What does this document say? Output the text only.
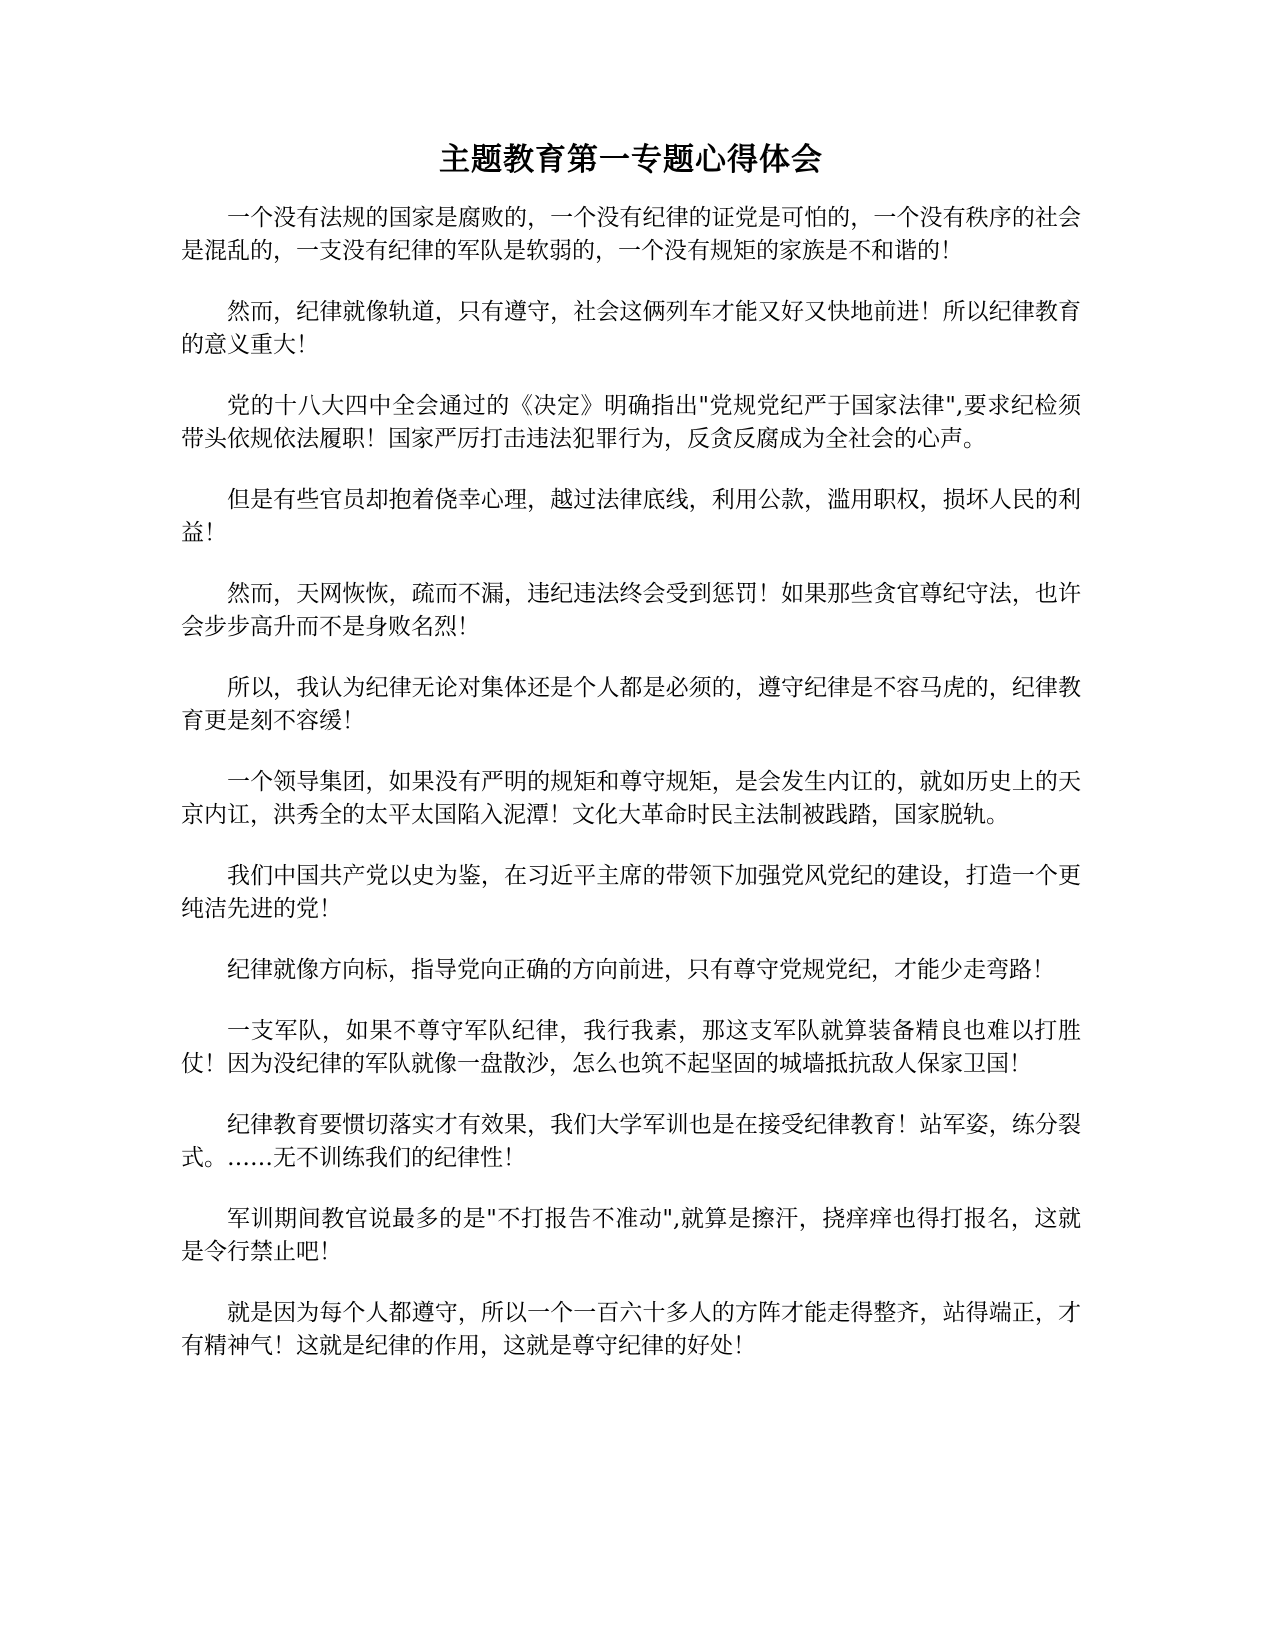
主题教育第一专题心得体会

一个没有法规的国家是腐败的，一个没有纪律的证党是可怕的，一个没有秩序的社会是混乱的，一支没有纪律的军队是软弱的，一个没有规矩的家族是不和谐的！

然而，纪律就像轨道，只有遵守，社会这俩列车才能又好又快地前进！所以纪律教育的意义重大！

党的十八大四中全会通过的《决定》明确指出"党规党纪严于国家法律",要求纪检须带头依规依法履职！国家严厉打击违法犯罪行为，反贪反腐成为全社会的心声。

但是有些官员却抱着侥幸心理，越过法律底线，利用公款，滥用职权，损坏人民的利益！

然而，天网恢恢，疏而不漏，违纪违法终会受到惩罚！如果那些贪官尊纪守法，也许会步步高升而不是身败名烈！

所以，我认为纪律无论对集体还是个人都是必须的，遵守纪律是不容马虎的，纪律教育更是刻不容缓！

一个领导集团，如果没有严明的规矩和尊守规矩，是会发生内讧的，就如历史上的天京内讧，洪秀全的太平太国陷入泥潭！文化大革命时民主法制被践踏，国家脱轨。

我们中国共产党以史为鉴，在习近平主席的带领下加强党风党纪的建设，打造一个更纯洁先进的党！

纪律就像方向标，指导党向正确的方向前进，只有尊守党规党纪，才能少走弯路！

一支军队，如果不尊守军队纪律，我行我素，那这支军队就算装备精良也难以打胜仗！因为没纪律的军队就像一盘散沙，怎么也筑不起坚固的城墙抵抗敌人保家卫国！

纪律教育要惯切落实才有效果，我们大学军训也是在接受纪律教育！站军姿，练分裂式。……无不训练我们的纪律性！

军训期间教官说最多的是"不打报告不准动",就算是擦汗，挠痒痒也得打报名，这就是令行禁止吧！

就是因为每个人都遵守，所以一个一百六十多人的方阵才能走得整齐，站得端正，才有精神气！这就是纪律的作用，这就是尊守纪律的好处！
